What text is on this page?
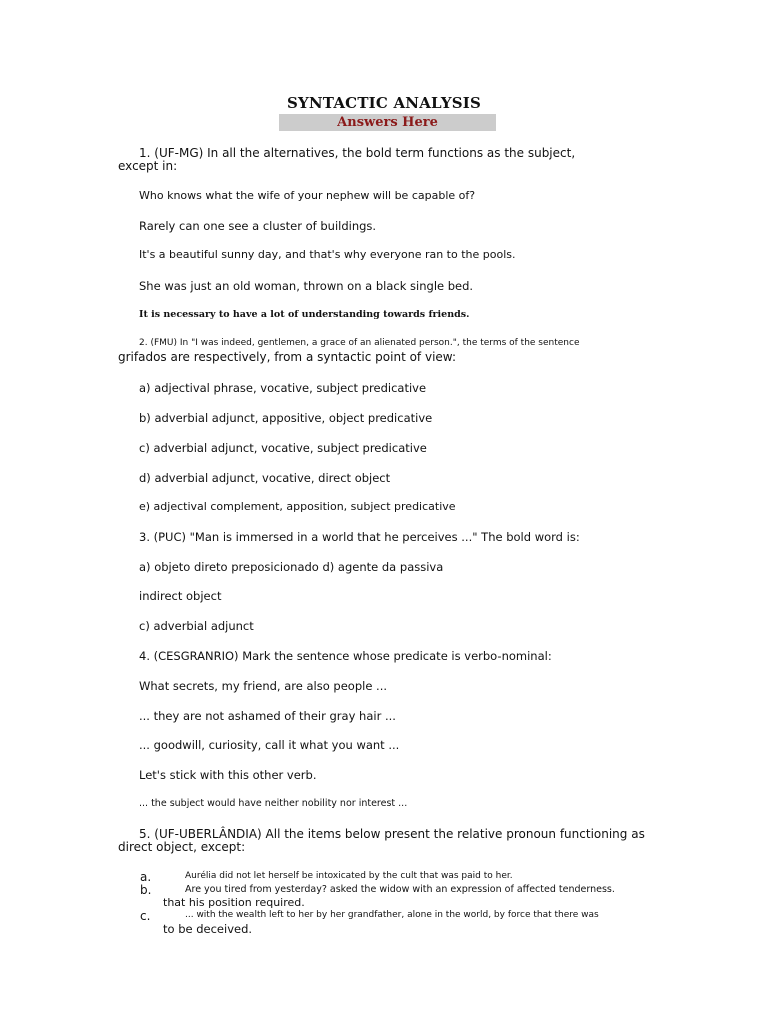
SYNTACTIC ANALYSIS
Answers Here
1. (UF-MG) In all the alternatives, the bold term functions as the subject,
except in:
Who knows what the wife of your nephew will be capable of?
Rarely can one see a cluster of buildings.
It's a beautiful sunny day, and that's why everyone ran to the pools.
She was just an old woman, thrown on a black single bed.
It is necessary to have a lot of understanding towards friends.
2. (FMU) In "I was indeed, gentlemen, a grace of an alienated person.", the terms of the sentence
grifados are respectively, from a syntactic point of view:
a) adjectival phrase, vocative, subject predicative
b) adverbial adjunct, appositive, object predicative
c) adverbial adjunct, vocative, subject predicative
d) adverbial adjunct, vocative, direct object
e) adjectival complement, apposition, subject predicative
3. (PUC) "Man is immersed in a world that he perceives ..." The bold word is:
a) objeto direto preposicionado d) agente da passiva
indirect object
c) adverbial adjunct
4. (CESGRANRIO) Mark the sentence whose predicate is verbo-nominal:
What secrets, my friend, are also people ...
... they are not ashamed of their gray hair ...
... goodwill, curiosity, call it what you want ...
Let's stick with this other verb.
... the subject would have neither nobility nor interest ...
5. (UF-UBERLÂNDIA) All the items below present the relative pronoun functioning as
direct object, except:
a.	Aurélia did not let herself be intoxicated by the cult that was paid to her.
b.	Are you tired from yesterday? asked the widow with an expression of affected tenderness.
that his position required.
c.	... with the wealth left to her by her grandfather, alone in the world, by force that there was
to be deceived.
